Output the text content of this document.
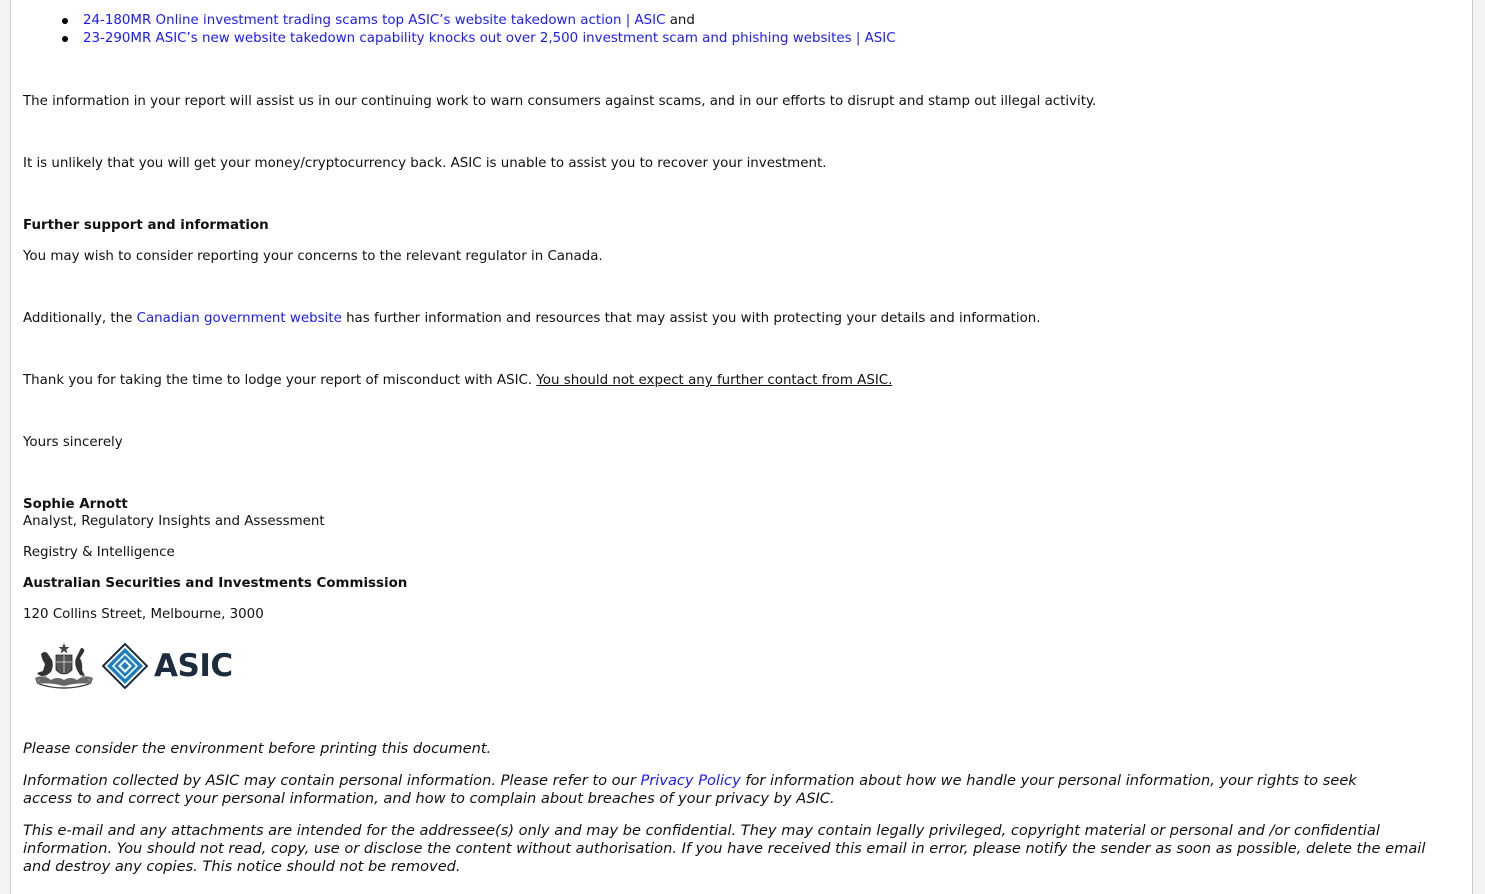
24-180MR Online investment trading scams top ASIC’s website takedown action | ASIC and
23-290MR ASIC’s new website takedown capability knocks out over 2,500 investment scam and phishing websites | ASIC
The information in your report will assist us in our continuing work to warn consumers against scams, and in our efforts to disrupt and stamp out illegal activity.
It is unlikely that you will get your money/cryptocurrency back. ASIC is unable to assist you to recover your investment.
Further support and information
You may wish to consider reporting your concerns to the relevant regulator in Canada.
Additionally, the Canadian government website has further information and resources that may assist you with protecting your details and information.
Thank you for taking the time to lodge your report of misconduct with ASIC. You should not expect any further contact from ASIC.
Yours sincerely
Sophie Arnott
Analyst, Regulatory Insights and Assessment
Registry & Intelligence
Australian Securities and Investments Commission
120 Collins Street, Melbourne, 3000
ASIC
Please consider the environment before printing this document.
Information collected by ASIC may contain personal information. Please refer to our Privacy Policy for information about how we handle your personal information, your rights to seek access to and correct your personal information, and how to complain about breaches of your privacy by ASIC.
This e-mail and any attachments are intended for the addressee(s) only and may be confidential. They may contain legally privileged, copyright material or personal and /or confidential information. You should not read, copy, use or disclose the content without authorisation. If you have received this email in error, please notify the sender as soon as possible, delete the email and destroy any copies. This notice should not be removed.
